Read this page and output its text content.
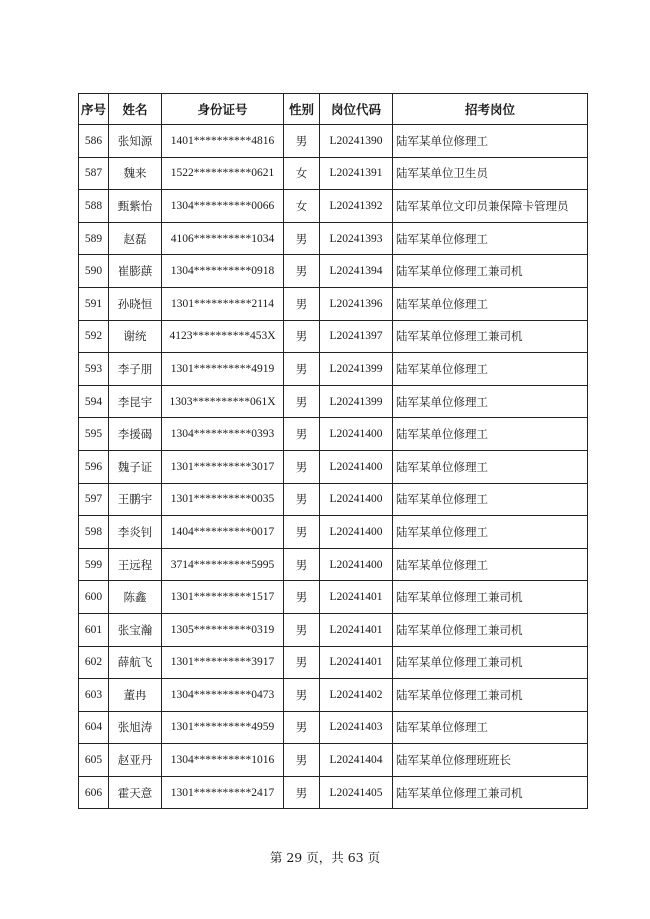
序号	姓名	身份证号	性别	岗位代码	招考岗位
586	张知源	1401**********4816	男	L20241390	陆军某单位修理工
587	魏来	1522**********0621	女	L20241391	陆军某单位卫生员
588	甄紫怡	1304**********0066	女	L20241392	陆军某单位文印员兼保障卡管理员
589	赵磊	4106**********1034	男	L20241393	陆军某单位修理工
590	崔膨蕻	1304**********0918	男	L20241394	陆军某单位修理工兼司机
591	孙晓恒	1301**********2114	男	L20241396	陆军某单位修理工
592	谢统	4123**********453X	男	L20241397	陆军某单位修理工兼司机
593	李子朋	1301**********4919	男	L20241399	陆军某单位修理工
594	李昆宇	1303**********061X	男	L20241399	陆军某单位修理工
595	李援碣	1304**********0393	男	L20241400	陆军某单位修理工
596	魏子证	1301**********3017	男	L20241400	陆军某单位修理工
597	王鹏宇	1301**********0035	男	L20241400	陆军某单位修理工
598	李炎钊	1404**********0017	男	L20241400	陆军某单位修理工
599	王远程	3714**********5995	男	L20241400	陆军某单位修理工
600	陈鑫	1301**********1517	男	L20241401	陆军某单位修理工兼司机
601	张宝瀚	1305**********0319	男	L20241401	陆军某单位修理工兼司机
602	薛航飞	1301**********3917	男	L20241401	陆军某单位修理工兼司机
603	董冉	1304**********0473	男	L20241402	陆军某单位修理工兼司机
604	张旭涛	1301**********4959	男	L20241403	陆军某单位修理工
605	赵亚丹	1304**********1016	男	L20241404	陆军某单位修理班班长
606	霍天意	1301**********2417	男	L20241405	陆军某单位修理工兼司机
第 29 页，共 63 页
